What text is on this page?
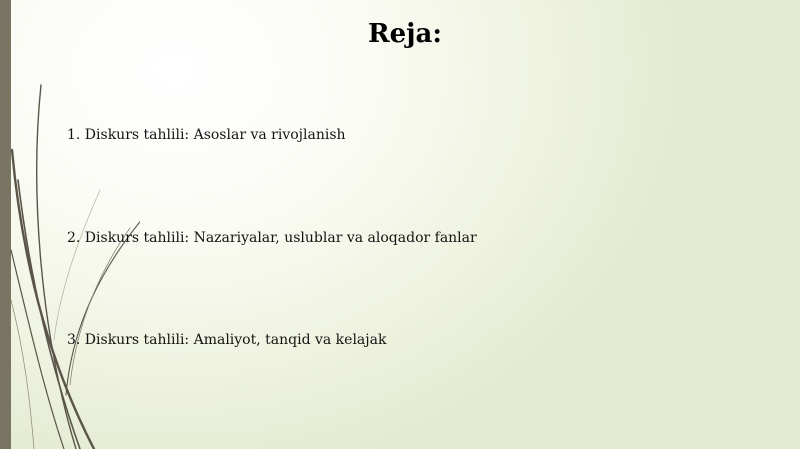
Reja:
1. Diskurs tahlili: Asoslar va rivojlanish
2. Diskurs tahlili: Nazariyalar, uslublar va aloqador fanlar
3. Diskurs tahlili: Amaliyot, tanqid va kelajak
